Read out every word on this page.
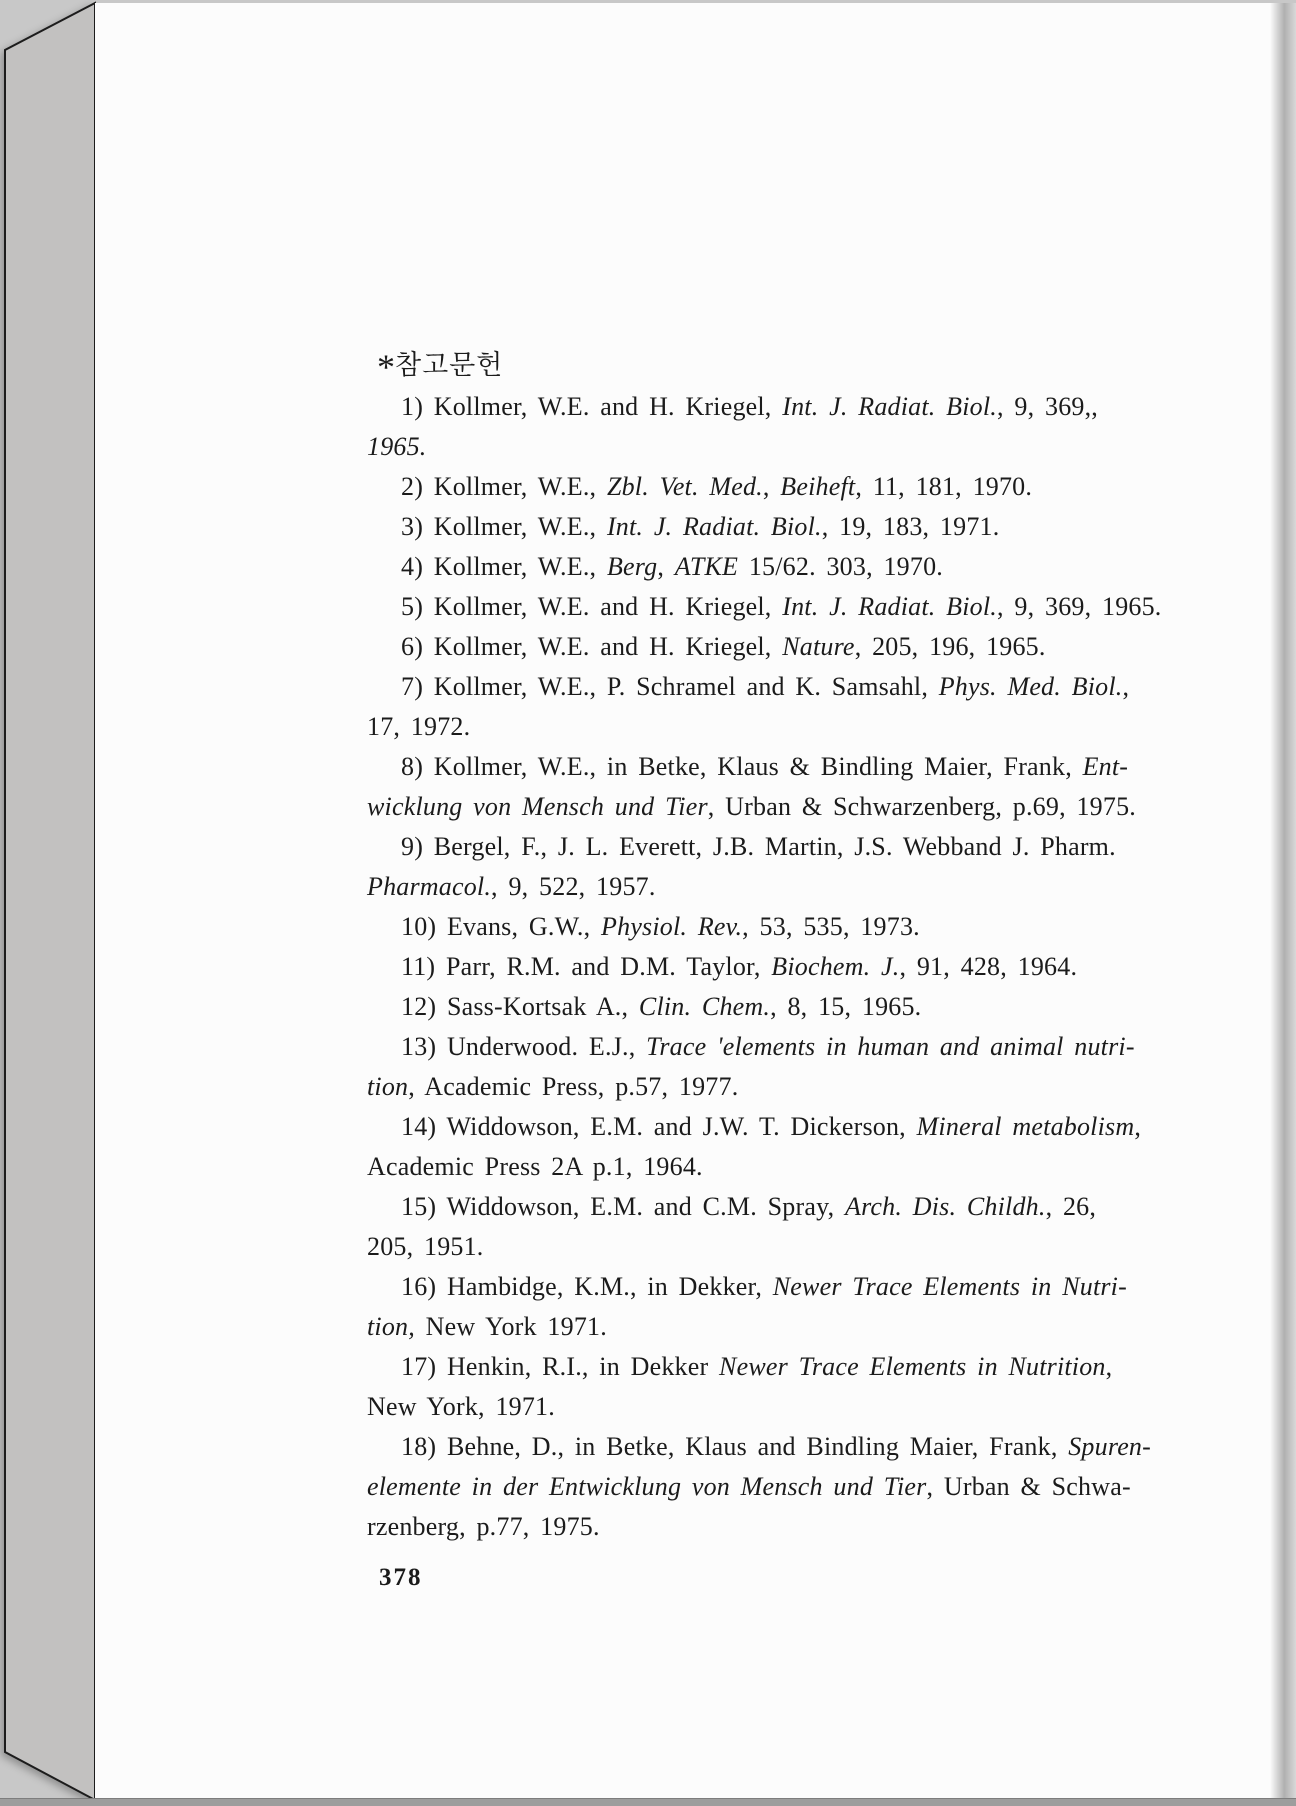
*참고문헌
1) Kollmer, W.E. and H. Kriegel, Int. J. Radiat. Biol., 9, 369,,
1965.
2) Kollmer, W.E., Zbl. Vet. Med., Beiheft, 11, 181, 1970.
3) Kollmer, W.E., Int. J. Radiat. Biol., 19, 183, 1971.
4) Kollmer, W.E., Berg, ATKE 15/62. 303, 1970.
5) Kollmer, W.E. and H. Kriegel, Int. J. Radiat. Biol., 9, 369, 1965.
6) Kollmer, W.E. and H. Kriegel, Nature, 205, 196, 1965.
7) Kollmer, W.E., P. Schramel and K. Samsahl, Phys. Med. Biol.,
17, 1972.
8) Kollmer, W.E., in Betke, Klaus & Bindling Maier, Frank, Ent-
wicklung von Mensch und Tier, Urban & Schwarzenberg, p.69, 1975.
9) Bergel, F., J. L. Everett, J.B. Martin, J.S. Webband J. Pharm.
Pharmacol., 9, 522, 1957.
10) Evans, G.W., Physiol. Rev., 53, 535, 1973.
11) Parr, R.M. and D.M. Taylor, Biochem. J., 91, 428, 1964.
12) Sass-Kortsak A., Clin. Chem., 8, 15, 1965.
13) Underwood. E.J., Trace 'elements in human and animal nutri-
tion, Academic Press, p.57, 1977.
14) Widdowson, E.M. and J.W. T. Dickerson, Mineral metabolism,
Academic Press 2A p.1, 1964.
15) Widdowson, E.M. and C.M. Spray, Arch. Dis. Childh., 26,
205, 1951.
16) Hambidge, K.M., in Dekker, Newer Trace Elements in Nutri-
tion, New York 1971.
17) Henkin, R.I., in Dekker Newer Trace Elements in Nutrition,
New York, 1971.
18) Behne, D., in Betke, Klaus and Bindling Maier, Frank, Spuren-
elemente in der Entwicklung von Mensch und Tier, Urban & Schwa-
rzenberg, p.77, 1975.
378
